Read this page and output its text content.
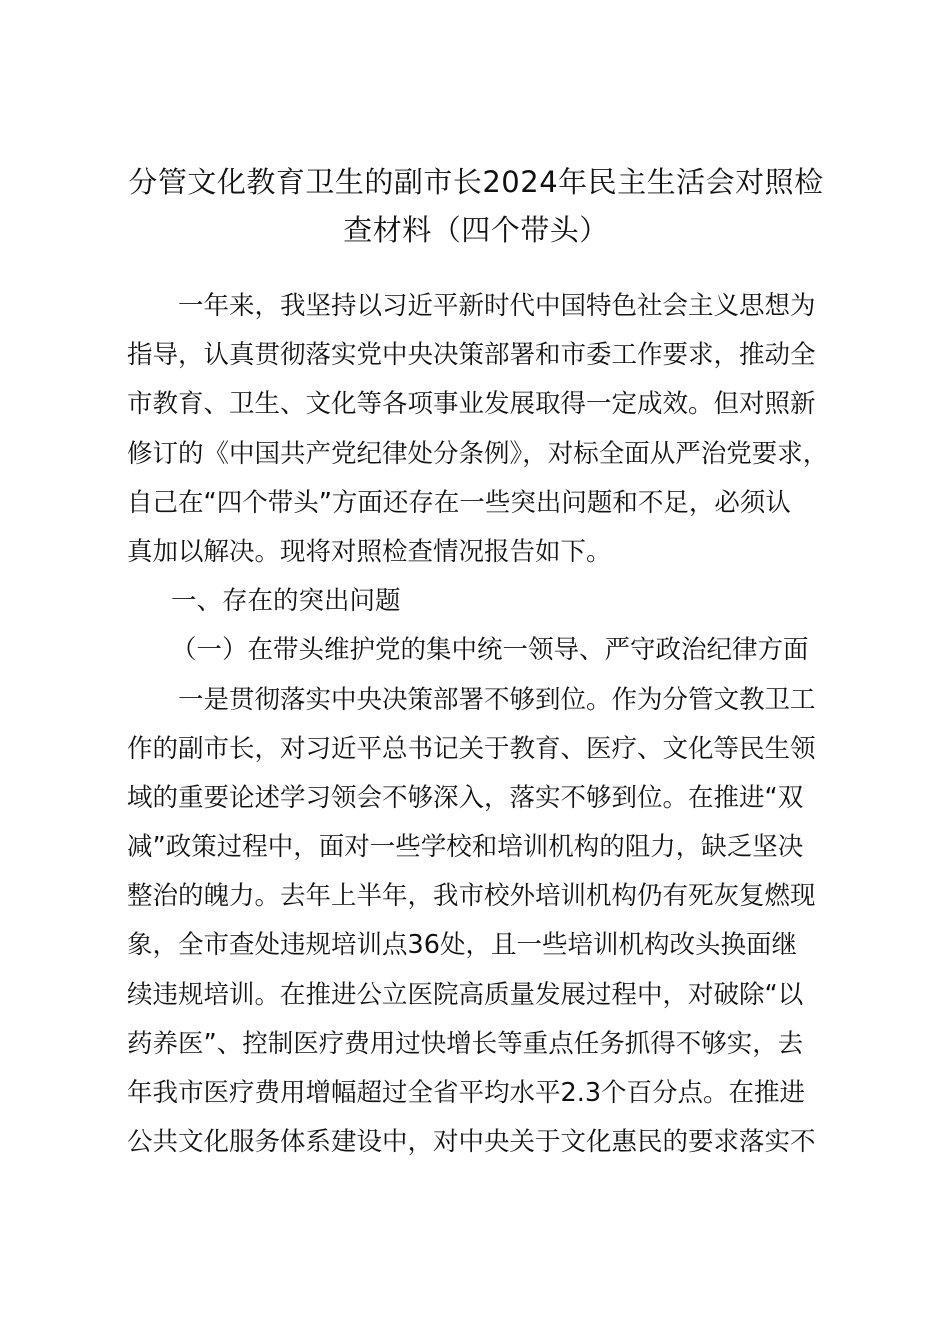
分管文化教育卫生的副市长2024年民主生活会对照检
查材料（四个带头）
一年来，我坚持以习近平新时代中国特色社会主义思想为
指导，认真贯彻落实党中央决策部署和市委工作要求，推动全
市教育、卫生、文化等各项事业发展取得一定成效。但对照新
修订的《中国共产党纪律处分条例》，对标全面从严治党要求，
自己在“四个带头”方面还存在一些突出问题和不足，必须认
真加以解决。现将对照检查情况报告如下。
一、存在的突出问题
（一）在带头维护党的集中统一领导、严守政治纪律方面
一是贯彻落实中央决策部署不够到位。作为分管文教卫工
作的副市长，对习近平总书记关于教育、医疗、文化等民生领
域的重要论述学习领会不够深入，落实不够到位。在推进“双
减”政策过程中，面对一些学校和培训机构的阻力，缺乏坚决
整治的魄力。去年上半年，我市校外培训机构仍有死灰复燃现
象，全市查处违规培训点36处，且一些培训机构改头换面继
续违规培训。在推进公立医院高质量发展过程中，对破除“以
药养医”、控制医疗费用过快增长等重点任务抓得不够实，去
年我市医疗费用增幅超过全省平均水平2.3个百分点。在推进
公共文化服务体系建设中，对中央关于文化惠民的要求落实不
